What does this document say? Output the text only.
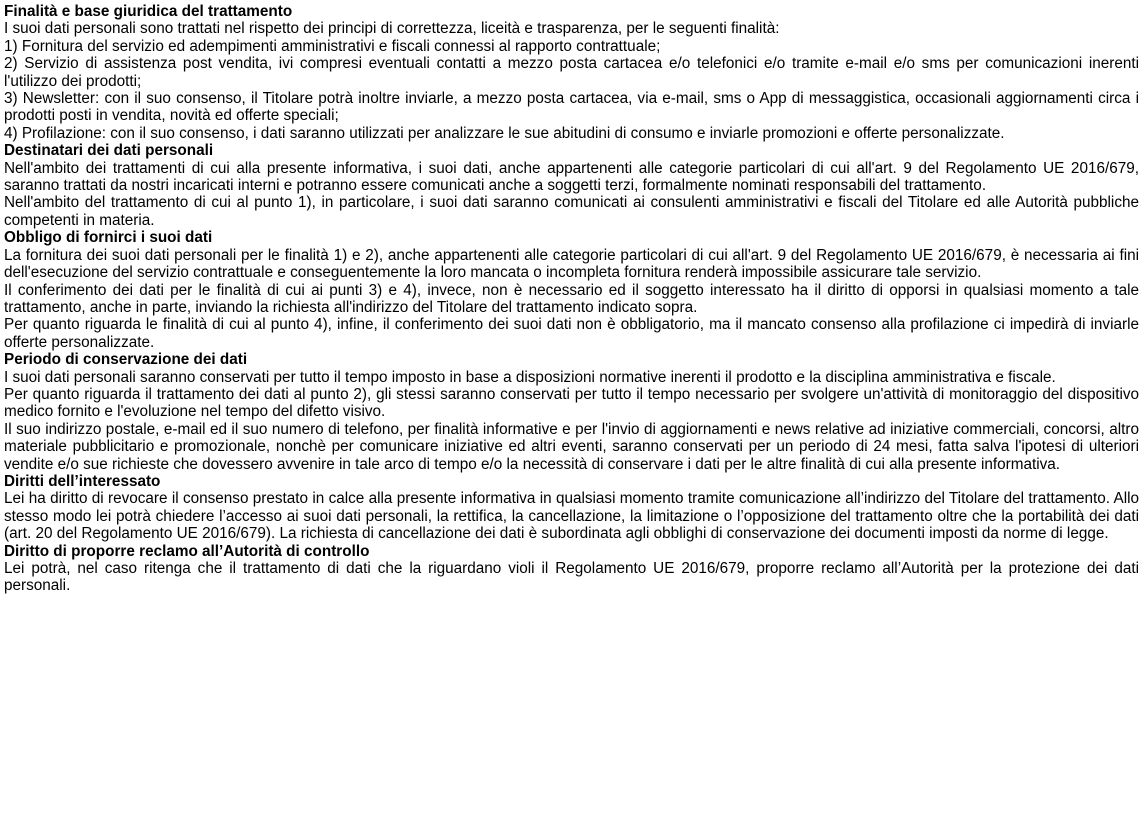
Finalità e base giuridica del trattamento

I suoi dati personali sono trattati nel rispetto dei principi di correttezza, liceità e trasparenza, per le seguenti finalità:

1) Fornitura del servizio ed adempimenti amministrativi e fiscali connessi al rapporto contrattuale;

2) Servizio di assistenza post vendita, ivi compresi eventuali contatti a mezzo posta cartacea e/o telefonici e/o tramite e-mail e/o sms per comunicazioni inerenti l'utilizzo dei prodotti;

3) Newsletter: con il suo consenso, il Titolare potrà inoltre inviarle, a mezzo posta cartacea, via e-mail, sms o App di messaggistica, occasionali aggiornamenti circa i prodotti posti in vendita, novità ed offerte speciali;

4) Profilazione: con il suo consenso, i dati saranno utilizzati per analizzare le sue abitudini di consumo e inviarle promozioni e offerte personalizzate.

Destinatari dei dati personali

Nell'ambito dei trattamenti di cui alla presente informativa, i suoi dati, anche appartenenti alle categorie particolari di cui all'art. 9 del Regolamento UE 2016/679, saranno trattati da nostri incaricati interni e potranno essere comunicati anche a soggetti terzi, formalmente nominati responsabili del trattamento.

Nell'ambito del trattamento di cui al punto 1), in particolare, i suoi dati saranno comunicati ai consulenti amministrativi e fiscali del Titolare ed alle Autorità pubbliche competenti in materia.

Obbligo di fornirci i suoi dati

La fornitura dei suoi dati personali per le finalità 1) e 2), anche appartenenti alle categorie particolari di cui all'art. 9 del Regolamento UE 2016/679, è necessaria ai fini dell'esecuzione del servizio contrattuale e conseguentemente la loro mancata o incompleta fornitura renderà impossibile assicurare tale servizio.

Il conferimento dei dati per le finalità di cui ai punti 3) e 4), invece, non è necessario ed il soggetto interessato ha il diritto di opporsi in qualsiasi momento a tale trattamento, anche in parte, inviando la richiesta all'indirizzo del Titolare del trattamento indicato sopra.

Per quanto riguarda le finalità di cui al punto 4), infine, il conferimento dei suoi dati non è obbligatorio, ma il mancato consenso alla profilazione ci impedirà di inviarle offerte personalizzate.

Periodo di conservazione dei dati

I suoi dati personali saranno conservati per tutto il tempo imposto in base a disposizioni normative inerenti il prodotto e la disciplina amministrativa e fiscale.

Per quanto riguarda il trattamento dei dati al punto 2), gli stessi saranno conservati per tutto il tempo necessario per svolgere un'attività di monitoraggio del dispositivo medico fornito e l'evoluzione nel tempo del difetto visivo.

Il suo indirizzo postale, e-mail ed il suo numero di telefono, per finalità informative e per l'invio di aggiornamenti e news relative ad iniziative commerciali, concorsi, altro materiale pubblicitario e promozionale, nonchè per comunicare iniziative ed altri eventi, saranno conservati per un periodo di 24 mesi, fatta salva l'ipotesi di ulteriori vendite e/o sue richieste che dovessero avvenire in tale arco di tempo e/o la necessità di conservare i dati per le altre finalità di cui alla presente informativa.

Diritti dell’interessato

Lei ha diritto di revocare il consenso prestato in calce alla presente informativa in qualsiasi momento tramite comunicazione all’indirizzo del Titolare del trattamento. Allo stesso modo lei potrà chiedere l’accesso ai suoi dati personali, la rettifica, la cancellazione, la limitazione o l’opposizione del trattamento oltre che la portabilità dei dati (art. 20 del Regolamento UE 2016/679). La richiesta di cancellazione dei dati è subordinata agli obblighi di conservazione dei documenti imposti da norme di legge.

Diritto di proporre reclamo all’Autorità di controllo

Lei potrà, nel caso ritenga che il trattamento di dati che la riguardano violi il Regolamento UE 2016/679, proporre reclamo all’Autorità per la protezione dei dati personali.
